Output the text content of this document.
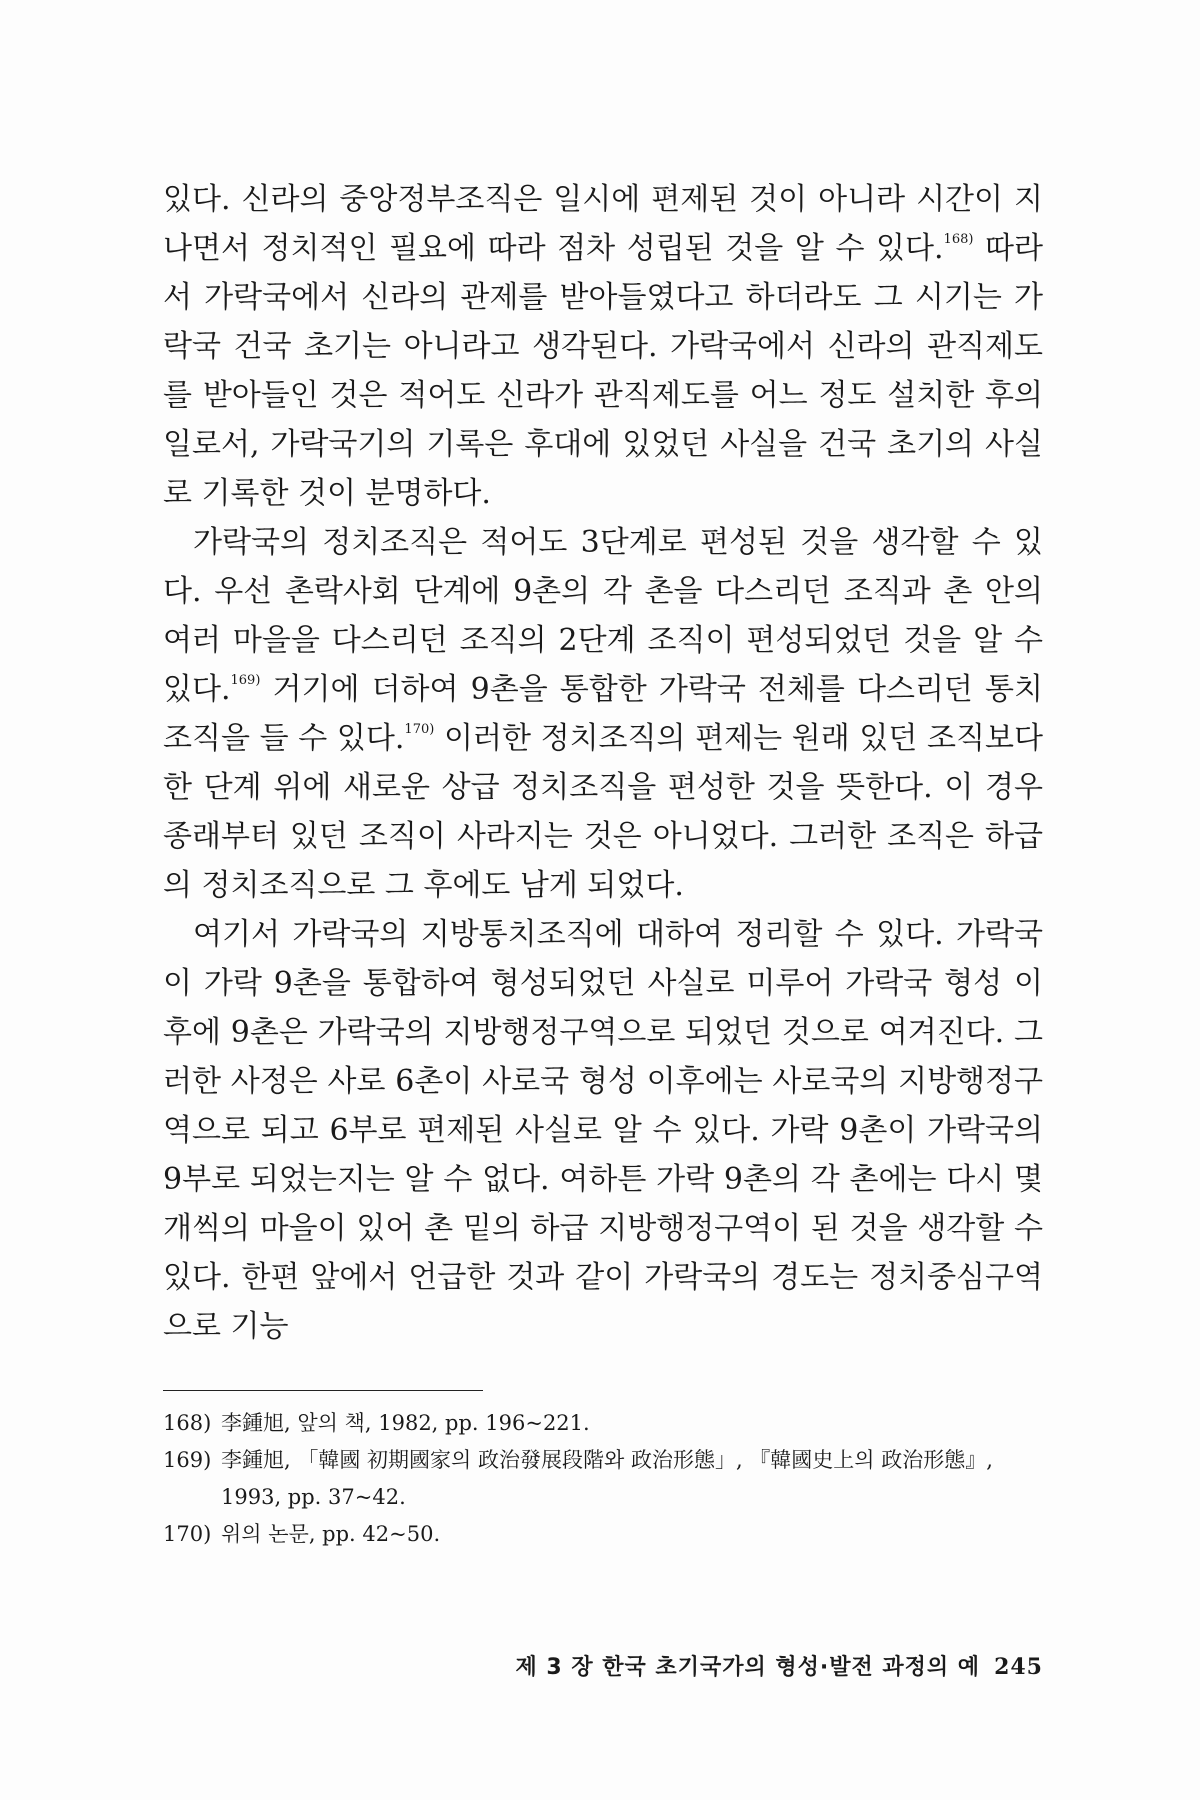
있다. 신라의 중앙정부조직은 일시에 편제된 것이 아니라 시간이 지나면서 정치적인 필요에 따라 점차 성립된 것을 알 수 있다.$^{168)}$ 따라서 가락국에서 신라의 관제를 받아들였다고 하더라도 그 시기는 가락국 건국 초기는 아니라고 생각된다. 가락국에서 신라의 관직제도를 받아들인 것은 적어도 신라가 관직제도를 어느 정도 설치한 후의 일로서, 가락국기의 기록은 후대에 있었던 사실을 건국 초기의 사실로 기록한 것이 분명하다.

가락국의 정치조직은 적어도 3단계로 편성된 것을 생각할 수 있다. 우선 촌락사회 단계에 9촌의 각 촌을 다스리던 조직과 촌 안의 여러 마을을 다스리던 조직의 2단계 조직이 편성되었던 것을 알 수 있다.$^{169)}$ 거기에 더하여 9촌을 통합한 가락국 전체를 다스리던 통치조직을 들 수 있다.$^{170)}$ 이러한 정치조직의 편제는 원래 있던 조직보다 한 단계 위에 새로운 상급 정치조직을 편성한 것을 뜻한다. 이 경우 종래부터 있던 조직이 사라지는 것은 아니었다. 그러한 조직은 하급의 정치조직으로 그 후에도 남게 되었다.

여기서 가락국의 지방통치조직에 대하여 정리할 수 있다. 가락국이 가락 9촌을 통합하여 형성되었던 사실로 미루어 가락국 형성 이후에 9촌은 가락국의 지방행정구역으로 되었던 것으로 여겨진다. 그러한 사정은 사로 6촌이 사로국 형성 이후에는 사로국의 지방행정구역으로 되고 6부로 편제된 사실로 알 수 있다. 가락 9촌이 가락국의 9부로 되었는지는 알 수 없다. 여하튼 가락 9촌의 각 촌에는 다시 몇 개씩의 마을이 있어 촌 밑의 하급 지방행정구역이 된 것을 생각할 수 있다. 한편 앞에서 언급한 것과 같이 가락국의 경도는 정치중심구역으로 기능

168) 李鍾旭, 앞의 책, 1982, pp. 196~221.
169) 李鍾旭, 「韓國 初期國家의 政治發展段階와 政治形態」, 『韓國史上의 政治形態』, 1993, pp. 37~42.
170) 위의 논문, pp. 42~50.
제 3 장 한국 초기국가의 형성·발전 과정의 예 245
